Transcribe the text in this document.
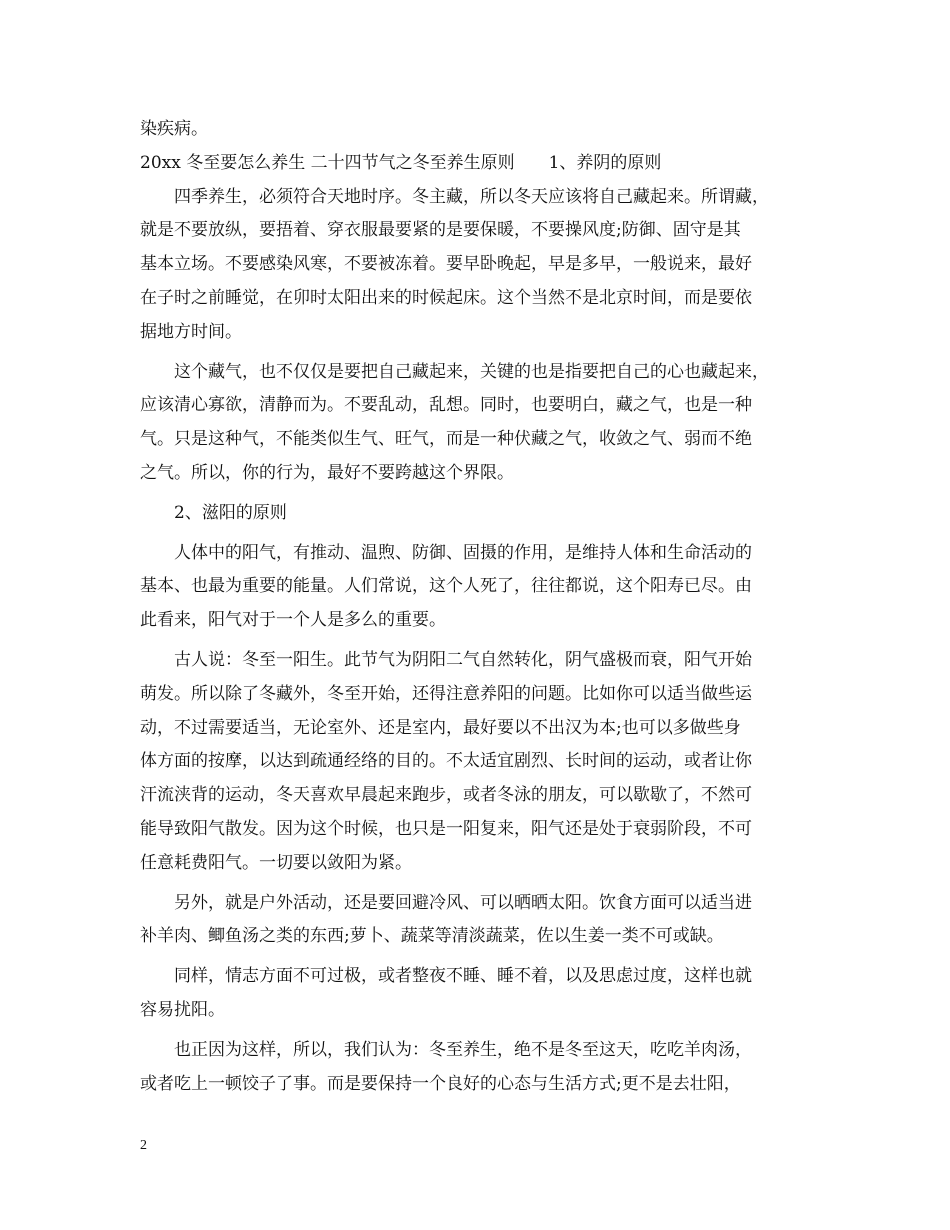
染疾病。

20xx 冬至要怎么养生 二十四节气之冬至养生原则　　1、养阴的原则

四季养生，必须符合天地时序。冬主藏，所以冬天应该将自己藏起来。所谓藏，

就是不要放纵，要捂着、穿衣服最要紧的是要保暖，不要操风度;防御、固守是其

基本立场。不要感染风寒，不要被冻着。要早卧晚起，早是多早，一般说来，最好

在子时之前睡觉，在卯时太阳出来的时候起床。这个当然不是北京时间，而是要依

据地方时间。

这个藏气，也不仅仅是要把自己藏起来，关键的也是指要把自己的心也藏起来，

应该清心寡欲，清静而为。不要乱动，乱想。同时，也要明白，藏之气，也是一种

气。只是这种气，不能类似生气、旺气，而是一种伏藏之气，收敛之气、弱而不绝

之气。所以，你的行为，最好不要跨越这个界限。

2、滋阳的原则

人体中的阳气，有推动、温煦、防御、固摄的作用，是维持人体和生命活动的

基本、也最为重要的能量。人们常说，这个人死了，往往都说，这个阳寿已尽。由

此看来，阳气对于一个人是多么的重要。

古人说：冬至一阳生。此节气为阴阳二气自然转化，阴气盛极而衰，阳气开始

萌发。所以除了冬藏外，冬至开始，还得注意养阳的问题。比如你可以适当做些运

动，不过需要适当，无论室外、还是室内，最好要以不出汉为本;也可以多做些身

体方面的按摩，以达到疏通经络的目的。不太适宜剧烈、长时间的运动，或者让你

汗流浃背的运动，冬天喜欢早晨起来跑步，或者冬泳的朋友，可以歇歇了，不然可

能导致阳气散发。因为这个时候，也只是一阳复来，阳气还是处于衰弱阶段，不可

任意耗费阳气。一切要以敛阳为紧。

另外，就是户外活动，还是要回避冷风、可以晒晒太阳。饮食方面可以适当进

补羊肉、鲫鱼汤之类的东西;萝卜、蔬菜等清淡蔬菜，佐以生姜一类不可或缺。

同样，情志方面不可过极，或者整夜不睡、睡不着，以及思虑过度，这样也就

容易扰阳。

也正因为这样，所以，我们认为：冬至养生，绝不是冬至这天，吃吃羊肉汤，

或者吃上一顿饺子了事。而是要保持一个良好的心态与生活方式;更不是去壮阳，

2
